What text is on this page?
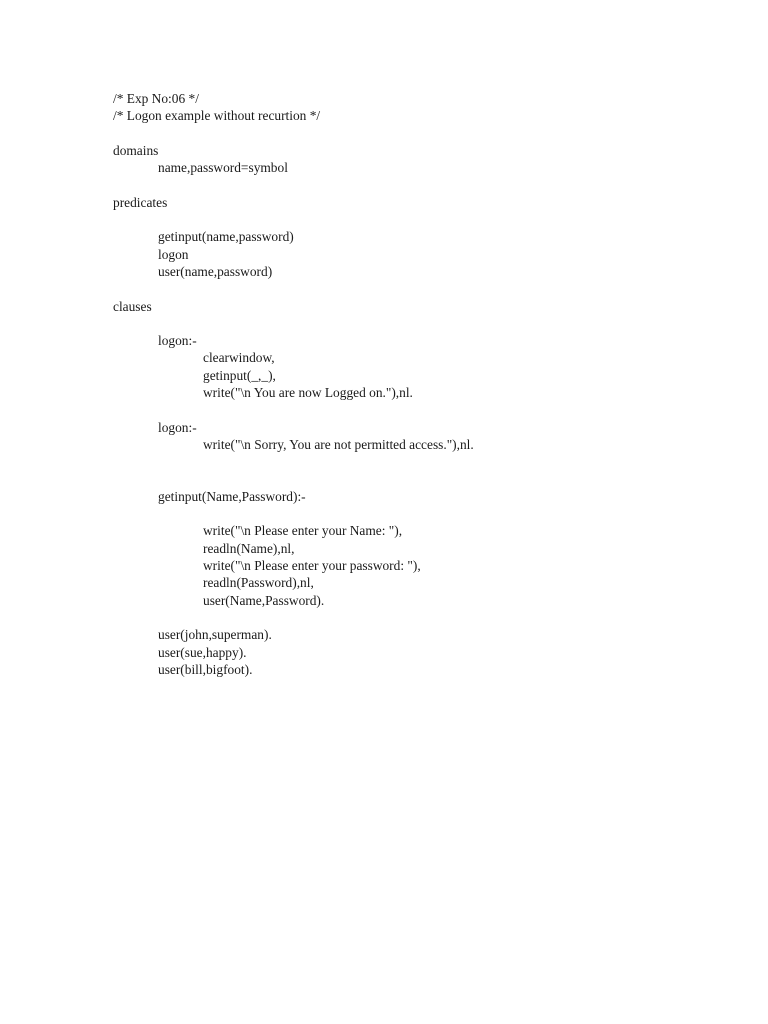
/* Exp No:06 */
/* Logon example without recurtion */
domains
name,password=symbol
predicates
getinput(name,password)
logon
user(name,password)
clauses
logon:-
clearwindow,
getinput(_,_),
write("\n You are now Logged on."),nl.
logon:-
write("\n Sorry, You are not permitted access."),nl.
getinput(Name,Password):-
write("\n Please enter your Name: "),
readln(Name),nl,
write("\n Please enter your password: "),
readln(Password),nl,
user(Name,Password).
user(john,superman).
user(sue,happy).
user(bill,bigfoot).
